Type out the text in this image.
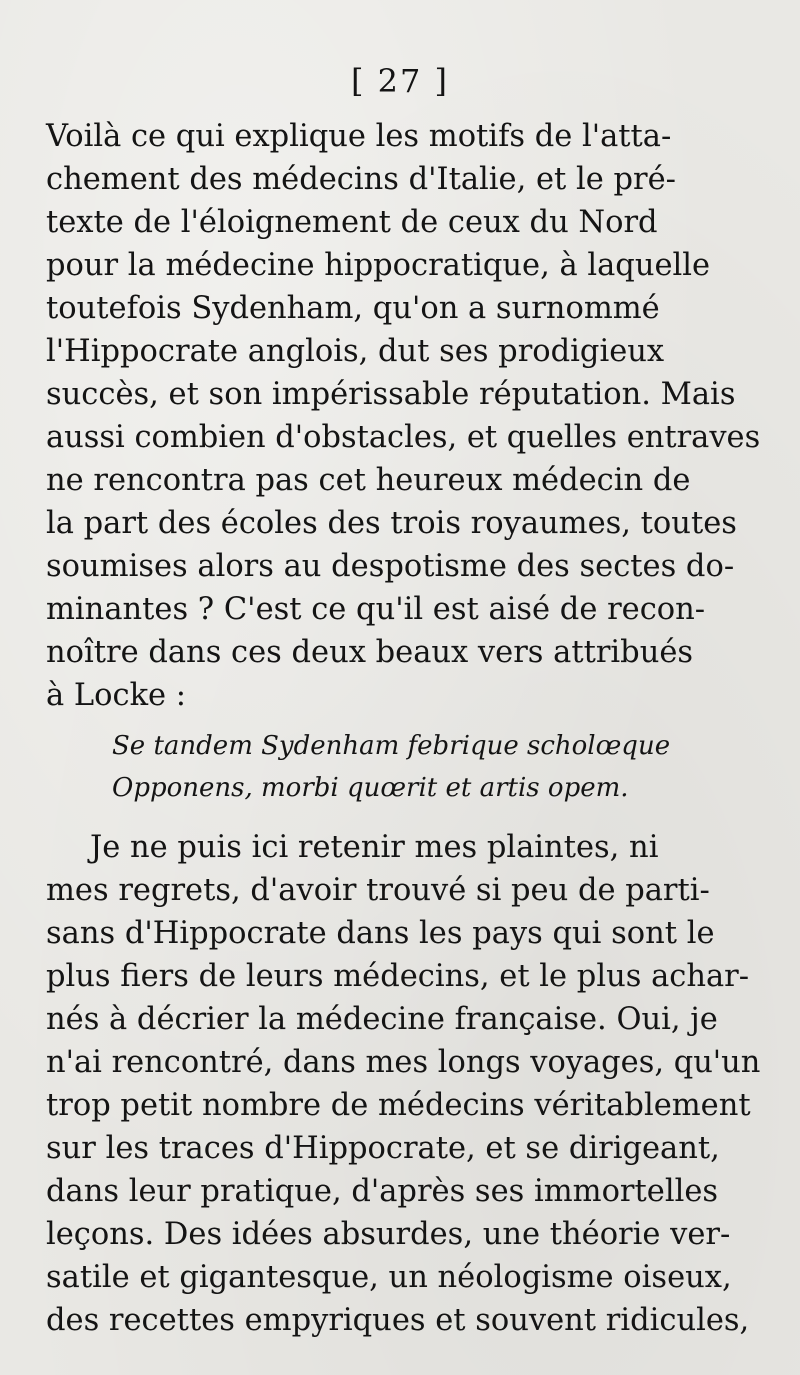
[ 27 ]
Voilà ce qui explique les motifs de l'atta-
chement des médecins d'Italie, et le pré-
texte de l'éloignement de ceux du Nord
pour la médecine hippocratique, à laquelle
toutefois Sydenham, qu'on a surnommé
l'Hippocrate anglois, dut ses prodigieux
succès, et son impérissable réputation. Mais
aussi combien d'obstacles, et quelles entraves
ne rencontra pas cet heureux médecin de
la part des écoles des trois royaumes, toutes
soumises alors au despotisme des sectes do-
minantes ? C'est ce qu'il est aisé de recon-
noître dans ces deux beaux vers attribués
à Locke :
Se tandem Sydenham febrique scholœque
Opponens, morbi quœrit et artis opem.
Je ne puis ici retenir mes plaintes, ni
mes regrets, d'avoir trouvé si peu de parti-
sans d'Hippocrate dans les pays qui sont le
plus fiers de leurs médecins, et le plus achar-
nés à décrier la médecine française. Oui, je
n'ai rencontré, dans mes longs voyages, qu'un
trop petit nombre de médecins véritablement
sur les traces d'Hippocrate, et se dirigeant,
dans leur pratique, d'après ses immortelles
leçons. Des idées absurdes, une théorie ver-
satile et gigantesque, un néologisme oiseux,
des recettes empyriques et souvent ridicules,
